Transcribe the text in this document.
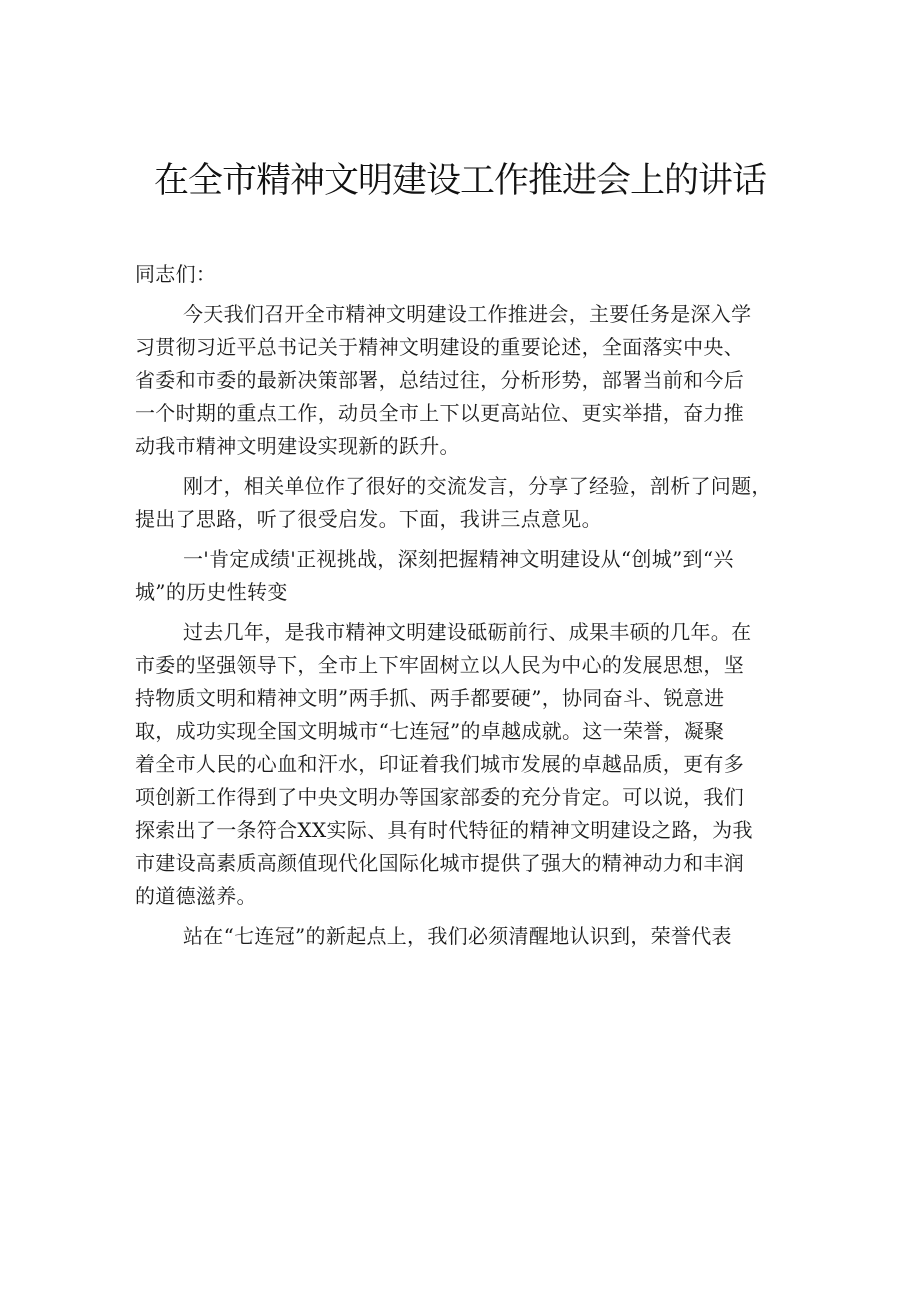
在全市精神文明建设工作推进会上的讲话
同志们：
今天我们召开全市精神文明建设工作推进会，主要任务是深入学
习贯彻习近平总书记关于精神文明建设的重要论述，全面落实中央、
省委和市委的最新决策部署，总结过往，分析形势，部署当前和今后
一个时期的重点工作，动员全市上下以更高站位、更实举措，奋力推
动我市精神文明建设实现新的跃升。
刚才，相关单位作了很好的交流发言，分享了经验，剖析了问题，
提出了思路，听了很受启发。下面，我讲三点意见。
一'肯定成绩'正视挑战，深刻把握精神文明建设从“创城”到“兴
城”的历史性转变
过去几年，是我市精神文明建设砥砺前行、成果丰硕的几年。在
市委的坚强领导下，全市上下牢固树立以人民为中心的发展思想，坚
持物质文明和精神文明”两手抓、两手都要硬”，协同奋斗、锐意进
取，成功实现全国文明城市“七连冠”的卓越成就。这一荣誉，凝聚
着全市人民的心血和汗水，印证着我们城市发展的卓越品质，更有多
项创新工作得到了中央文明办等国家部委的充分肯定。可以说，我们
探索出了一条符合XX实际、具有时代特征的精神文明建设之路，为我
市建设高素质高颜值现代化国际化城市提供了强大的精神动力和丰润
的道德滋养。
站在“七连冠”的新起点上，我们必须清醒地认识到，荣誉代表
